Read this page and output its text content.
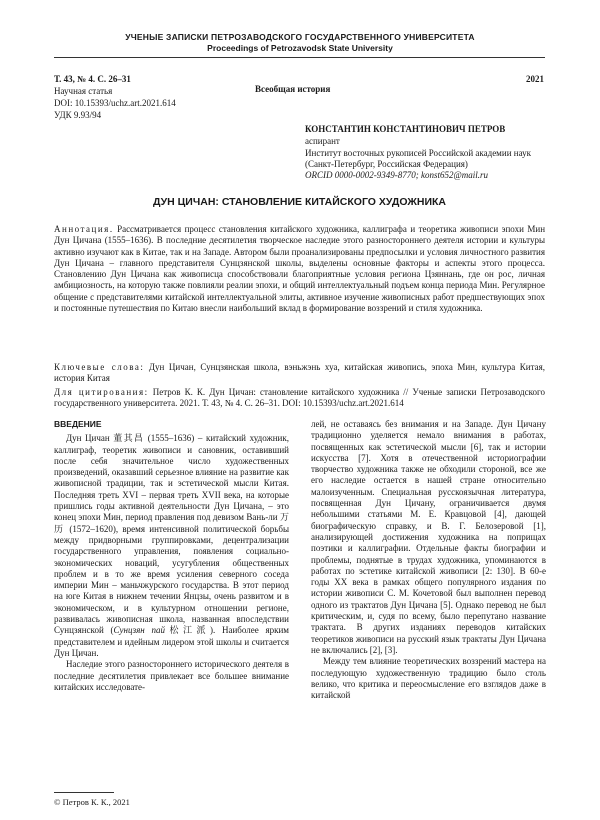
УЧЕНЫЕ ЗАПИСКИ ПЕТРОЗАВОДСКОГО ГОСУДАРСТВЕННОГО УНИВЕРСИТЕТА
Proceedings of Petrozavodsk State University
Т. 43, № 4. С. 26–31	2021
Научная статья	Всеобщая история
DOI: 10.15393/uchz.art.2021.614
УДК 9.93/94
КОНСТАНТИН КОНСТАНТИНОВИЧ ПЕТРОВ
аспирант
Институт восточных рукописей Российской академии наук
(Санкт-Петербург, Российская Федерация)
ORCID 0000-0002-9349-8770; konst652@mail.ru
ДУН ЦИЧАН: СТАНОВЛЕНИЕ КИТАЙСКОГО ХУДОЖНИКА
Аннотация. Рассматривается процесс становления китайского художника, каллиграфа и теоретика живописи эпохи Мин Дун Цичана (1555–1636). В последние десятилетия творческое наследие этого разностороннего деятеля истории и культуры активно изучают как в Китае, так и на Западе. Автором были проанализированы предпосылки и условия личностного развития Дун Цичана – главного представителя Сунцзянской школы, выделены основные факторы и аспекты этого процесса. Становлению Дун Цичана как живописца способствовали благоприятные условия региона Цзяннань, где он рос, личная амбициозность, на которую также повлияли реалии эпохи, и общий интеллектуальный подъем конца периода Мин. Регулярное общение с представителями китайской интеллектуальной элиты, активное изучение живописных работ предшествующих эпох и постоянные путешествия по Китаю внесли наибольший вклад в формирование воззрений и стиля художника.
Ключевые слова: Дун Цичан, Сунцзянская школа, вэньжэнь хуа, китайская живопись, эпоха Мин, культура Китая, история Китая
Для цитирования: Петров К. К. Дун Цичан: становление китайского художника // Ученые записки Петрозаводского государственного университета. 2021. Т. 43, № 4. С. 26–31. DOI: 10.15393/uchz.art.2021.614
ВВЕДЕНИЕ

Дун Цичан 董其昌 (1555–1636) – китайский художник, каллиграф, теоретик живописи и сановник, оставивший после себя значительное число художественных произведений, оказавший серьезное влияние на развитие как живописной традиции, так и эстетической мысли Китая. Последняя треть XVI – первая треть XVII века, на которые пришлись годы активной деятельности Дун Цичана, – это конец эпохи Мин, период правления под девизом Вань-ли 万历 (1572–1620), время интенсивной политической борьбы между придворными группировками, децентрализации государственного управления, появления социально-экономических новаций, усугубления общественных проблем и в то же время усиления северного соседа империи Мин – маньчжурского государства. В этот период на юге Китая в нижнем течении Янцзы, очень развитом и в экономическом, и в культурном отношении регионе, развивалась живописная школа, названная впоследствии Сунцзянской (Сунцзян пай松江派). Наиболее ярким представителем и идейным лидером этой школы и считается Дун Цичан.

Наследие этого разностороннего исторического деятеля в последние десятилетия привлекает все большее внимание китайских исследовате-

лей, не оставаясь без внимания и на Западе. Дун Цичану традиционно уделяется немало внимания в работах, посвященных как эстетической мысли [6], так и истории искусства [7]. Хотя в отечественной историографии творчество художника также не обходили стороной, все же его наследие остается в нашей стране относительно малоизученным. Специальная русскоязычная литература, посвященная Дун Цичану, ограничивается двумя небольшими статьями М. Е. Кравцовой [4], дающей биографическую справку, и В. Г. Белозеровой [1], анализирующей достижения художника на поприщах поэтики и каллиграфии. Отдельные факты биографии и проблемы, поднятые в трудах художника, упоминаются в работах по эстетике китайской живописи [2: 130]. В 60-е годы XX века в рамках общего популярного издания по истории живописи С. М. Кочетовой был выполнен перевод одного из трактатов Дун Цичана [5]. Однако перевод не был критическим, и, судя по всему, было перепутано название трактата. В других изданиях переводов китайских теоретиков живописи на русский язык трактаты Дун Цичана не включались [2], [3].

Между тем влияние теоретических воззрений мастера на последующую художественную традицию было столь велико, что критика и переосмысление его взглядов даже в китайской

© Петров К. К., 2021
